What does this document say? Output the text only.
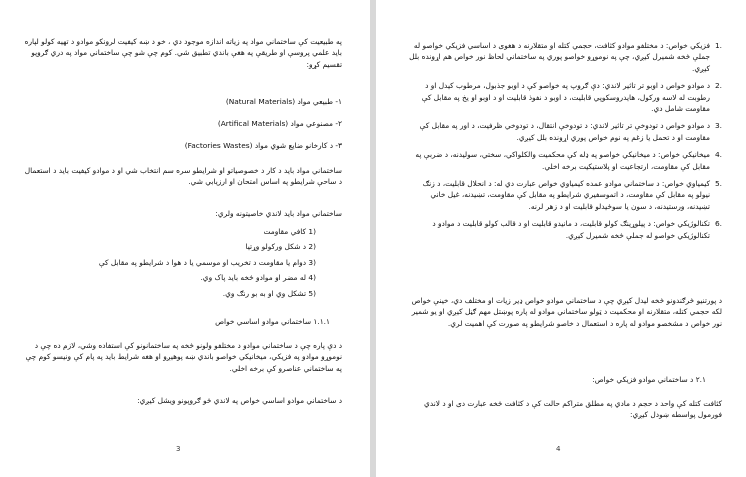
په طبیعیت کې ساختماني مواد په زیاته اندازه موجود دي ، خو د ښه کیفیت لرونکو موادو د تهیه کولو لپاره باید علمي پروسې او طریقې په هغې باندي تطبیق شي. کوم چې شو چې ساختماني مواد په دري ګروپو تقسیم کړو:

۱- طبیعي مواد (Natural Materials)

۲- مصنوعي مواد (Artifical Materials)

۳- د کارخانو ضایع شوي مواد (Factories Wastes)

ساختماني مواد باید د کار د خصوصیاتو او شرایطو سره سم انتخاب شي او د موادو کیفیت باید د استعمال د ساحې شرایطو په اساس امتحان او ارزیابي شي.

ساختماني مواد باید لاندي خاصیتونه ولري:

1) کافي مقاومت
2) د شکل ورکولو وړتیا
3) دوام یا مقاومت د تخریب او موسمي یا د هوا د شرایطو په مقابل کې
4) له مضر او موادو څخه باید پاک وي.
5) تشکل وي او به بو رنګ وي.

۱.۱.۱ ساختماني موادو اساسي خواص

د دې پاره چې د ساختماني موادو د مختلفو ولونو څخه په ساختمانونو کې استفاده وشي، لازم ده چې د نوموړو موادو په فزیکي، میخانیکي خواصو باندي ښه پوهیږو او هغه شرایط باید په پام کې ونیسو کوم چې په ساختماني عناصرو کې برخه اخلي.

د ساختماني موادو اساسي خواص په لاندي څو ګروپونو ویشل کیږي:

3
1.
فزیکي خواص: د مختلفو موادو کثافت، حجمي کتله او متقلارنه د هغوی د اساسي فزیکي خواصو له جملې څخه شمیرل کیږي، چې په نوموړو خواصو پوري په ساختماني لحاظ نور خواص هم اړونده بلل کیږي.
2.
د موادو خواص د اوبو تر تاثیر لاندي: دې ګروپ په خواصو کې د اوبو جذبول، مرطوب کیدل او د رطوبت له لاسه ورکول، هایدروسکوپي قابلیت، د اوبو د نفوذ قابلیت او د اوبو او یخ په مقابل کې مقاومت شامل دي.
3.
د موادو خواص د تودوخې تر تاثیر لاندي: د تودوخې انتقال، د تودوخي ظرفیت، د اور په مقابل کې مقاومت او د تحمل یا زغم په نوم خواص پوري اړونده بلل کیږي.
4.
میخانیکي خواص: د میخانیکي خواصو په ډله کې محکمیت والکلواکي، سختي، سولیدنه، د ضربې په مقابل کې مقاومت، ارتجاعیت او پلاستیکیت برخه اخلي.
5.
کیمیاوي خواص: د ساختماني موادو عمده کیمیاوي خواص عبارت دي له: د انحلال قابلیت، د زنګ نیولو په مقابل کې مقاومت، د اتموسفیري شرایطو په مقابل کې مقاومت، تښیدنه، غیل خاني تښیدنه، ورستیدنه، د سون یا سوځیدلو قابلیت او د زهر لرنه.
6.
تکنالوژیکي خواص: د پیلوړینګ کولو قابلیت، د مانیدو قابلیت او د قالب کولو قابلیت د موادو د تکنالوژیکي خواصو له جملې څخه شمیرل کیږي.

د پورتنیو څرګندونو څخه لیدل کیږي چې د ساختماني موادو خواص ډیر زیات او مختلف دي، خینې خواص لکه حجمي کتله، متقلارنه او محکمیت د ټولو ساختماني موادو له پاره پوښتل مهم ګڼل کیږي او یو شمیر نور خواص د مشخصو موادو له پاره د استعمال د خاصو شرایطو په صورت کې اهمیت لري.

۲.۱ د ساختماني موادو فزیکي خواص:

کثافت کتله کې واحد د حجم د مادي په مطلق متراکم حالت کې د کثافت څخه عبارت دی او د لاندي فورمول پواسطه ښودل کیږي:

4
